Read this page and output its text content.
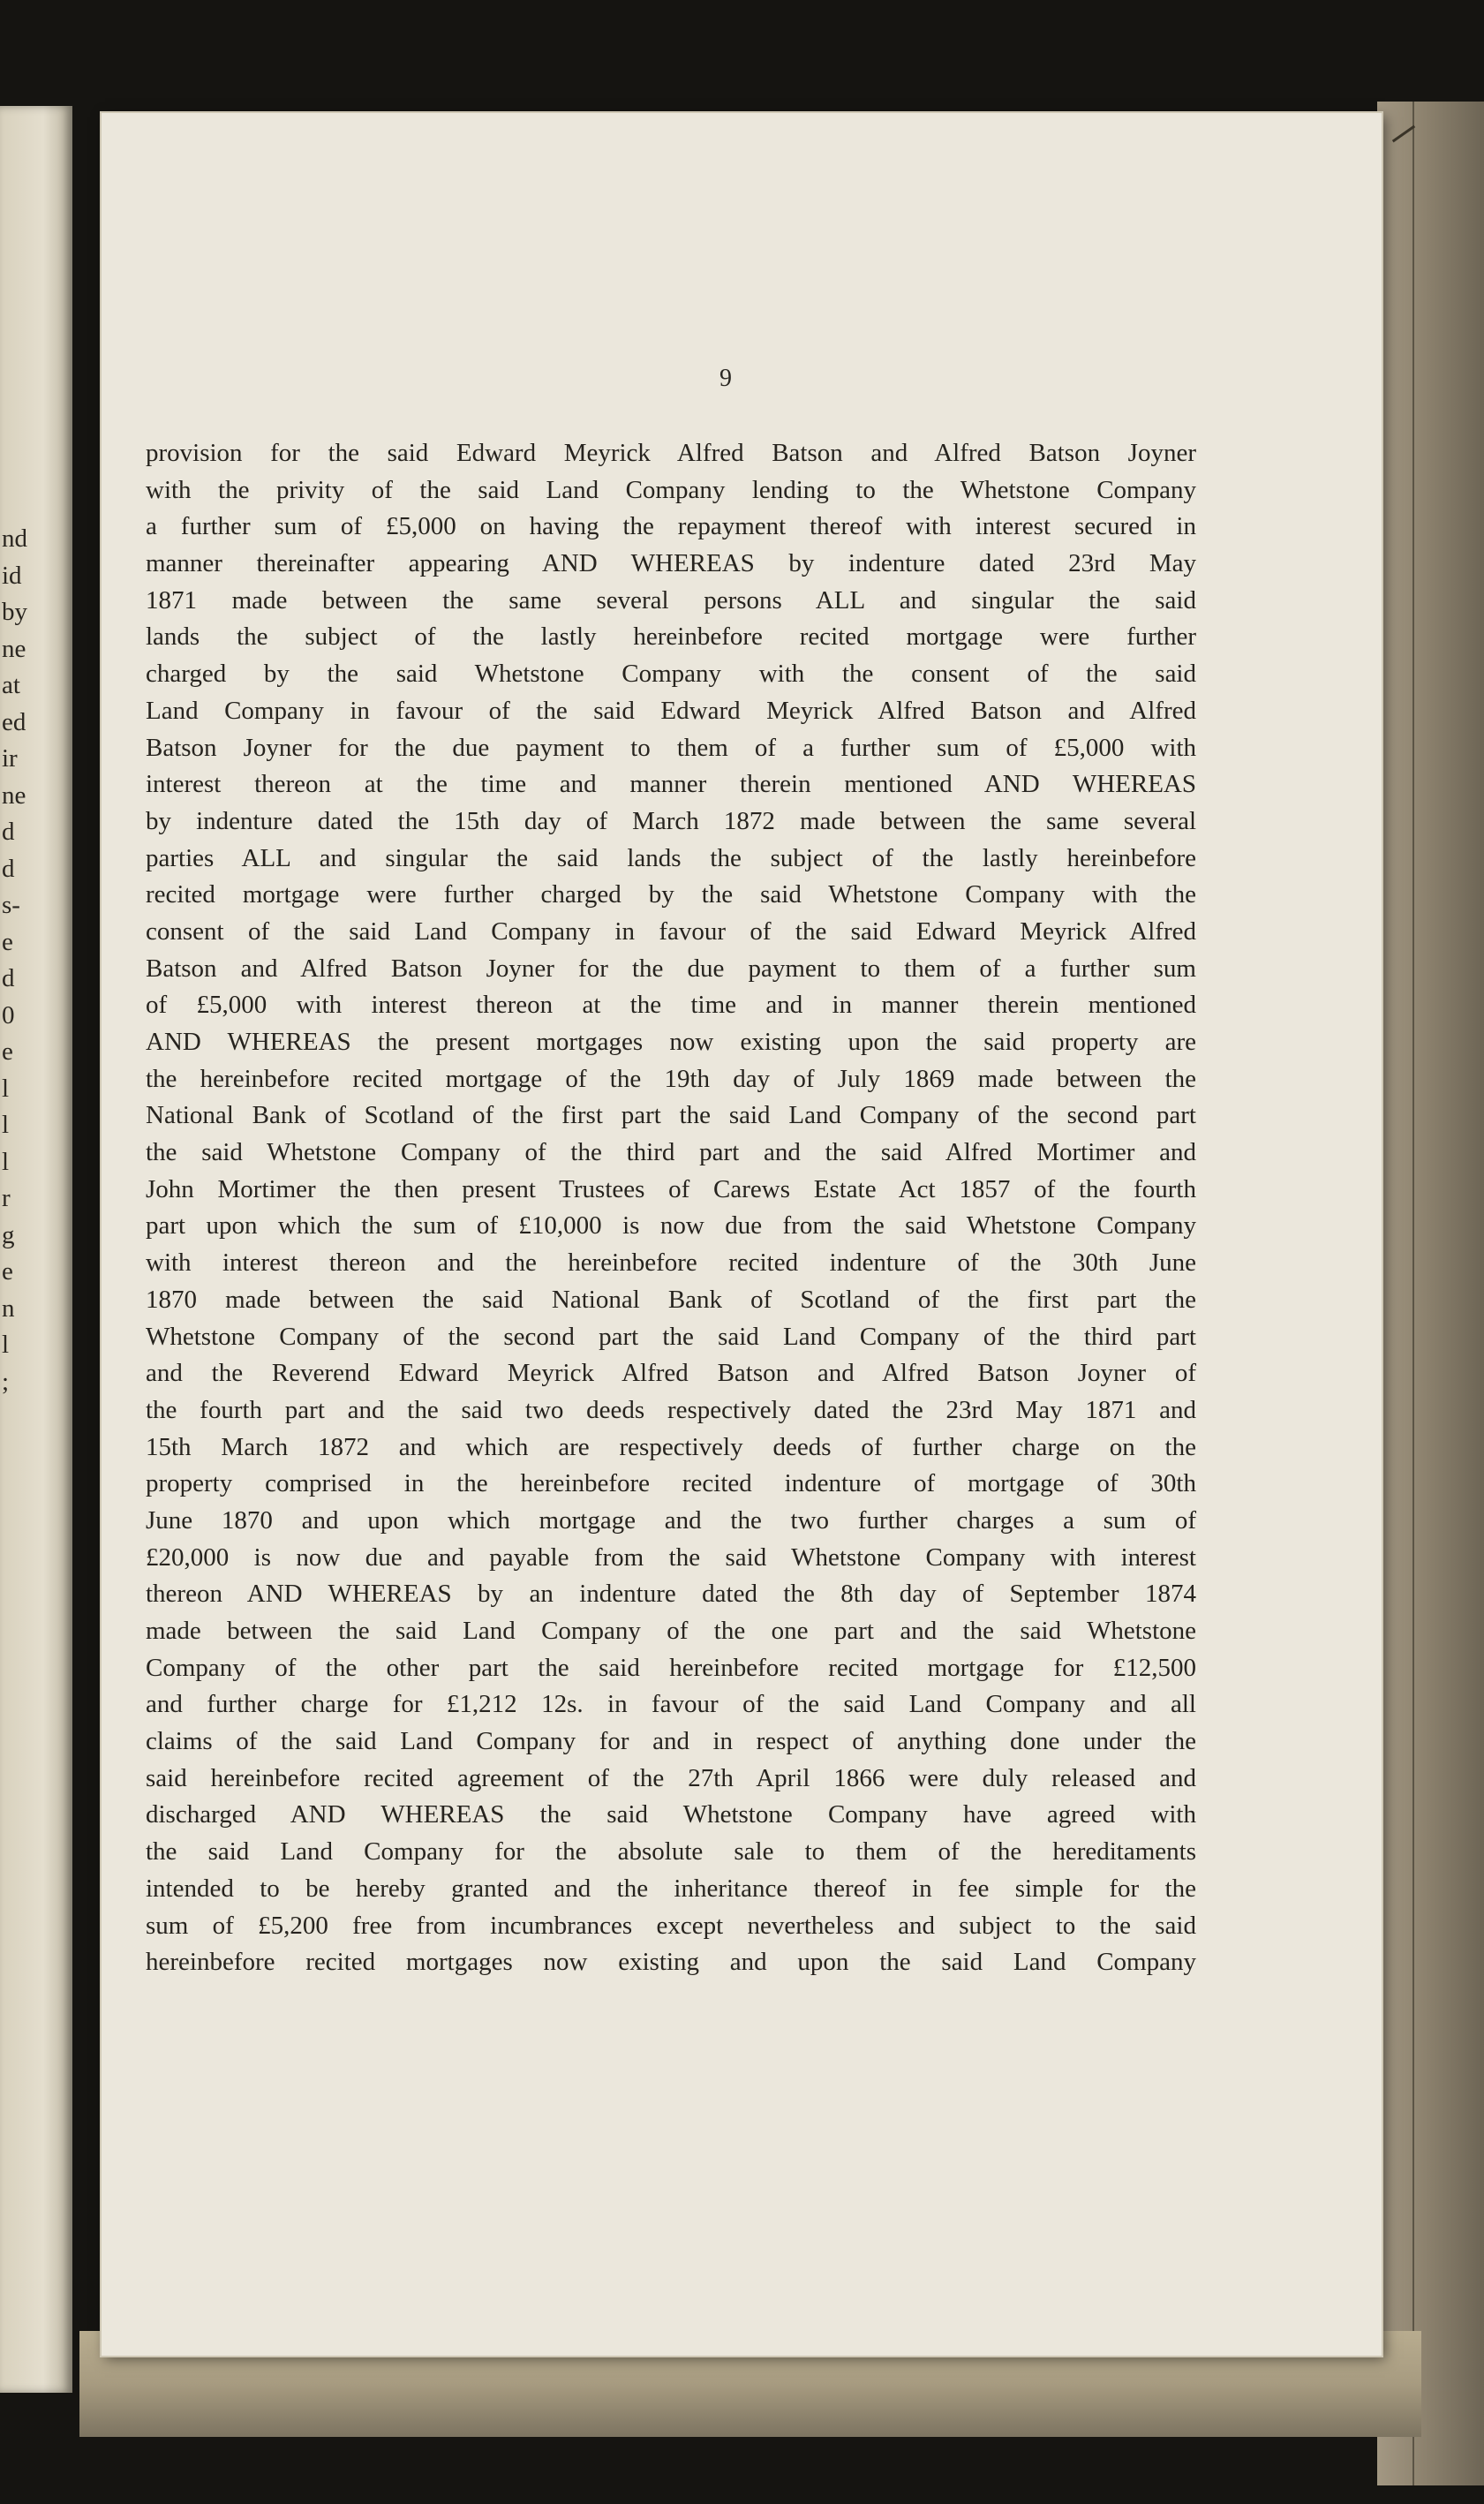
nd
id
by
ne
at
ed
ir
ne
d
d
s-
e
d
0
e
l
l
l
r
g
e
n
l
;
9
provision for the said Edward Meyrick Alfred Batson and Alfred Batson Joyner
with the privity of the said Land Company lending to the Whetstone Company
a further sum of £5,000 on having the repayment thereof with interest secured in
manner thereinafter appearing AND WHEREAS by indenture dated 23rd May
1871 made between the same several persons ALL and singular the said
lands the subject of the lastly hereinbefore recited mortgage were further
charged by the said Whetstone Company with the consent of the said
Land Company in favour of the said Edward Meyrick Alfred Batson and Alfred
Batson Joyner for the due payment to them of a further sum of £5,000 with
interest thereon at the time and manner therein mentioned AND WHEREAS
by indenture dated the 15th day of March 1872 made between the same several
parties ALL and singular the said lands the subject of the lastly hereinbefore
recited mortgage were further charged by the said Whetstone Company with the
consent of the said Land Company in favour of the said Edward Meyrick Alfred
Batson and Alfred Batson Joyner for the due payment to them of a further sum
of £5,000 with interest thereon at the time and in manner therein mentioned
AND WHEREAS the present mortgages now existing upon the said property are
the hereinbefore recited mortgage of the 19th day of July 1869 made between the
National Bank of Scotland of the first part the said Land Company of the second part
the said Whetstone Company of the third part and the said Alfred Mortimer and
John Mortimer the then present Trustees of Carews Estate Act 1857 of the fourth
part upon which the sum of £10,000 is now due from the said Whetstone Company
with interest thereon and the hereinbefore recited indenture of the 30th June
1870 made between the said National Bank of Scotland of the first part the
Whetstone Company of the second part the said Land Company of the third part
and the Reverend Edward Meyrick Alfred Batson and Alfred Batson Joyner of
the fourth part and the said two deeds respectively dated the 23rd May 1871 and
15th March 1872 and which are respectively deeds of further charge on the
property comprised in the hereinbefore recited indenture of mortgage of 30th
June 1870 and upon which mortgage and the two further charges a sum of
£20,000 is now due and payable from the said Whetstone Company with interest
thereon AND WHEREAS by an indenture dated the 8th day of September 1874
made between the said Land Company of the one part and the said Whetstone
Company of the other part the said hereinbefore recited mortgage for £12,500
and further charge for £1,212 12s. in favour of the said Land Company and all
claims of the said Land Company for and in respect of anything done under the
said hereinbefore recited agreement of the 27th April 1866 were duly released and
discharged AND WHEREAS the said Whetstone Company have agreed with
the said Land Company for the absolute sale to them of the hereditaments
intended to be hereby granted and the inheritance thereof in fee simple for the
sum of £5,200 free from incumbrances except nevertheless and subject to the said
hereinbefore recited mortgages now existing and upon the said Land Company
